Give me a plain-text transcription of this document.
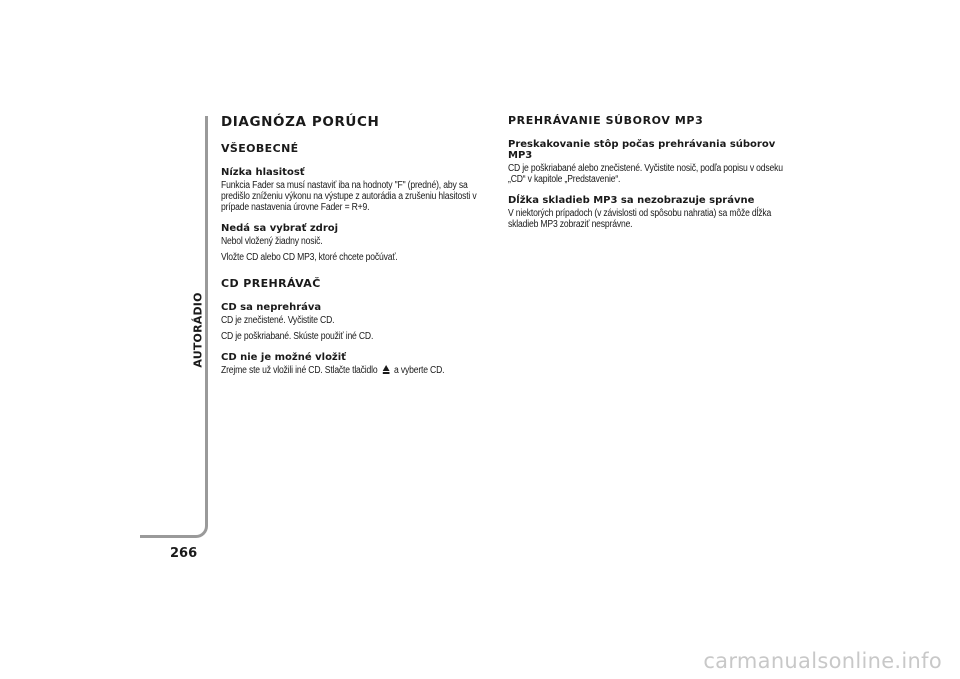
AUTORÁDIO
266
DIAGNÓZA PORÚCH
VŠEOBECNÉ
Nízka hlasitosť

Funkcia Fader sa musí nastaviť iba na hodnoty "F" (predné), aby sa predišlo zníženiu výkonu na výstupe z autorádia a zrušeniu hlasitosti v prípade nastavenia úrovne Fader = R+9.

Nedá sa vybrať zdroj

Nebol vložený žiadny nosič.

Vložte CD alebo CD MP3, ktoré chcete počúvať.

CD PREHRÁVAČ
CD sa neprehráva

CD je znečistené. Vyčistite CD.

CD je poškriabané. Skúste použiť iné CD.

CD nie je možné vložiť

Zrejme ste už vložili iné CD. Stlačte tlačidlo a vyberte CD.

PREHRÁVANIE SÚBOROV MP3
Preskakovanie stôp počas prehrávania súborov MP3

CD je poškriabané alebo znečistené. Vyčistite nosič, podľa popisu v odseku „CD“ v kapitole „Predstavenie“.

Dĺžka skladieb MP3 sa nezobrazuje správne

V niektorých prípadoch (v závislosti od spôsobu nahratia) sa môže dĺžka skladieb MP3 zobraziť nesprávne.

carmanualsonline.info
